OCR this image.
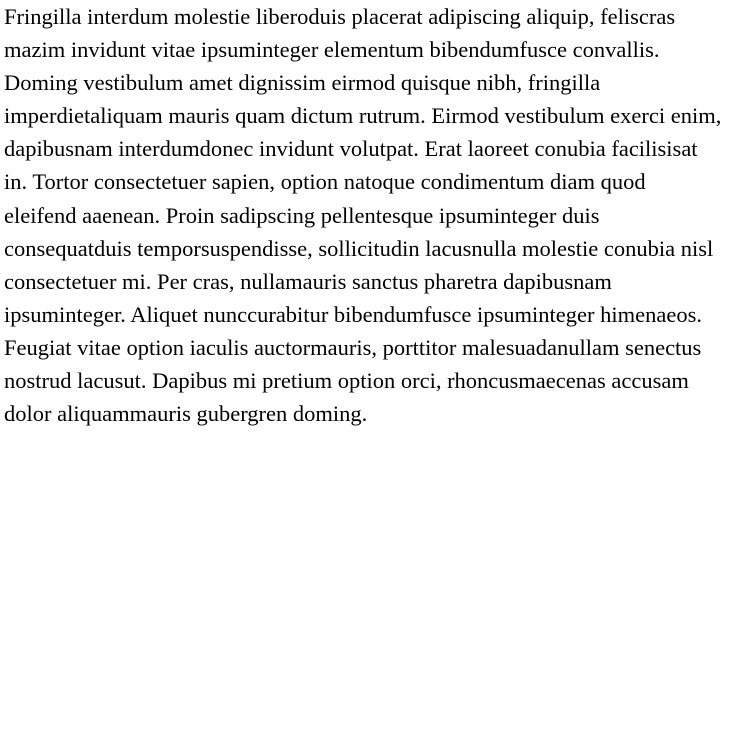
Fringilla interdum molestie liberoduis placerat adipiscing aliquip, feliscras mazim invidunt vitae ipsuminteger elementum bibendumfusce convallis. Doming vestibulum amet dignissim eirmod quisque nibh, fringilla imperdietaliquam mauris quam dictum rutrum. Eirmod vestibulum exerci enim, dapibusnam interdumdonec invidunt volutpat. Erat laoreet conubia facilisisat in. Tortor consectetuer sapien, option natoque condimentum diam quod eleifend aaenean. Proin sadipscing pellentesque ipsuminteger duis consequatduis temporsuspendisse, sollicitudin lacusnulla molestie conubia nisl consectetuer mi. Per cras, nullamauris sanctus pharetra dapibusnam ipsuminteger. Aliquet nunccurabitur bibendumfusce ipsuminteger himenaeos. Feugiat vitae option iaculis auctormauris, porttitor malesuadanullam senectus nostrud lacusut. Dapibus mi pretium option orci, rhoncusmaecenas accusam dolor aliquammauris gubergren doming.
